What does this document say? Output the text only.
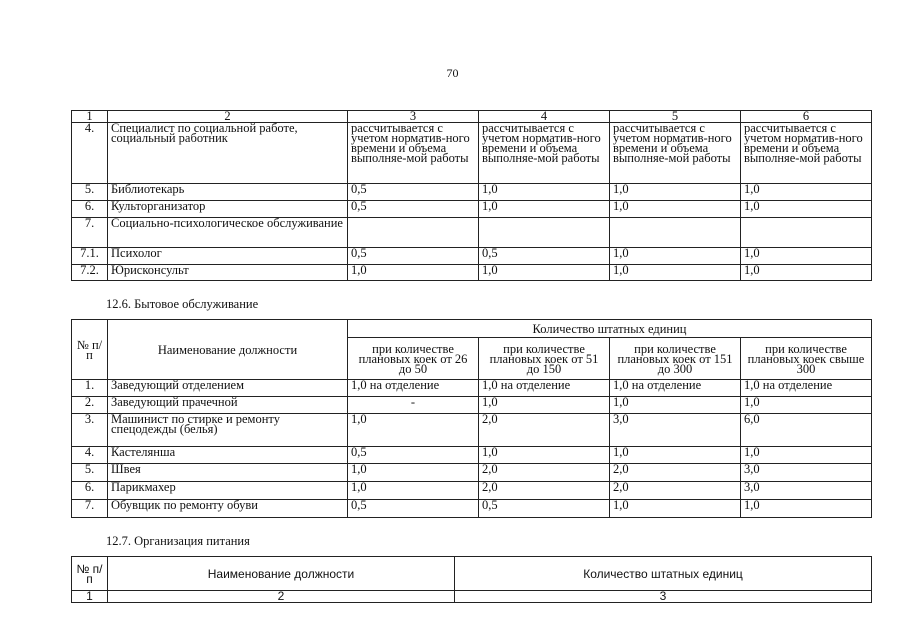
70
1	2	3	4	5	6
4.	Специалист по социальной работе, социальный работник	рассчитывается с учетом норматив-ного времени и объема выполняе-мой работы	рассчитывается с учетом норматив-ного времени и объема выполняе-мой работы	рассчитывается с учетом норматив-ного времени и объема выполняе-мой работы	рассчитывается с учетом норматив-ного времени и объема выполняе-мой работы
5.	Библиотекарь	0,5	1,0	1,0	1,0
6.	Культорганизатор	0,5	1,0	1,0	1,0
7.	Социально-психологическое обслуживание				
7.1.	Психолог	0,5	0,5	1,0	1,0
7.2.	Юрисконсульт	1,0	1,0	1,0	1,0
12.6. Бытовое обслуживание
№ п/п	Наименование должности	Количество штатных единиц			
		при количестве плановых коек от 26 до 50	при количестве плановых коек от 51 до 150	при количестве плановых коек от 151 до 300	при количестве плановых коек свыше 300
1.	Заведующий отделением	1,0 на отделение	1,0 на отделение	1,0 на отделение	1,0 на отделение
2.	Заведующий прачечной	-	1,0	1,0	1,0
3.	Машинист по стирке и ремонту спецодежды (белья)	1,0	2,0	3,0	6,0
4.	Кастелянша	0,5	1,0	1,0	1,0
5.	Швея	1,0	2,0	2,0	3,0
6.	Парикмахер	1,0	2,0	2,0	3,0
7.	Обувщик по ремонту обуви	0,5	0,5	1,0	1,0
12.7. Организация питания
№ п/п	Наименование должности	Количество штатных единиц
1	2	3
